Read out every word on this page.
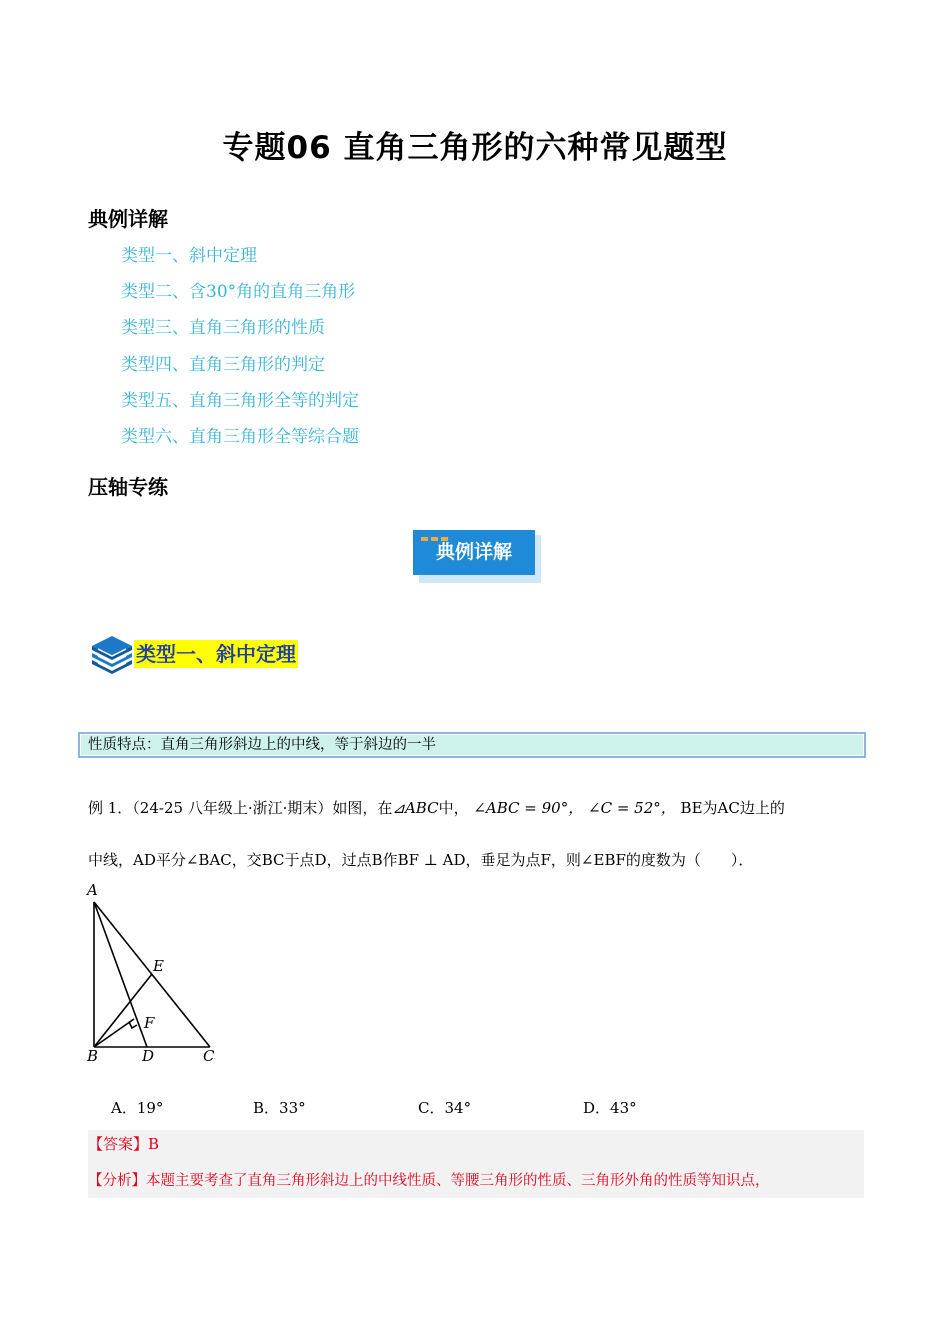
专题06 直角三角形的六种常见题型
典例详解
类型一、斜中定理
类型二、含30°角的直角三角形
类型三、直角三角形的性质
类型四、直角三角形的判定
类型五、直角三角形全等的判定
类型六、直角三角形全等综合题
压轴专练
典例详解
类型一、斜中定理
性质特点：直角三角形斜边上的中线，等于斜边的一半
例 1．（24-25 八年级上·浙江·期末）如图，在⊿ABC中， ∠ABC = 90°， ∠C = 52°， BE为AC边上的
中线，AD平分∠BAC，交BC于点D，过点B作BF ⊥ AD，垂足为点F，则∠EBF的度数为（　　）．
A
B	C
D
E
F
A．19°	B．33°	C．34°	D．43°
【答案】B
【分析】本题主要考查了直角三角形斜边上的中线性质、等腰三角形的性质、三角形外角的性质等知识点，
